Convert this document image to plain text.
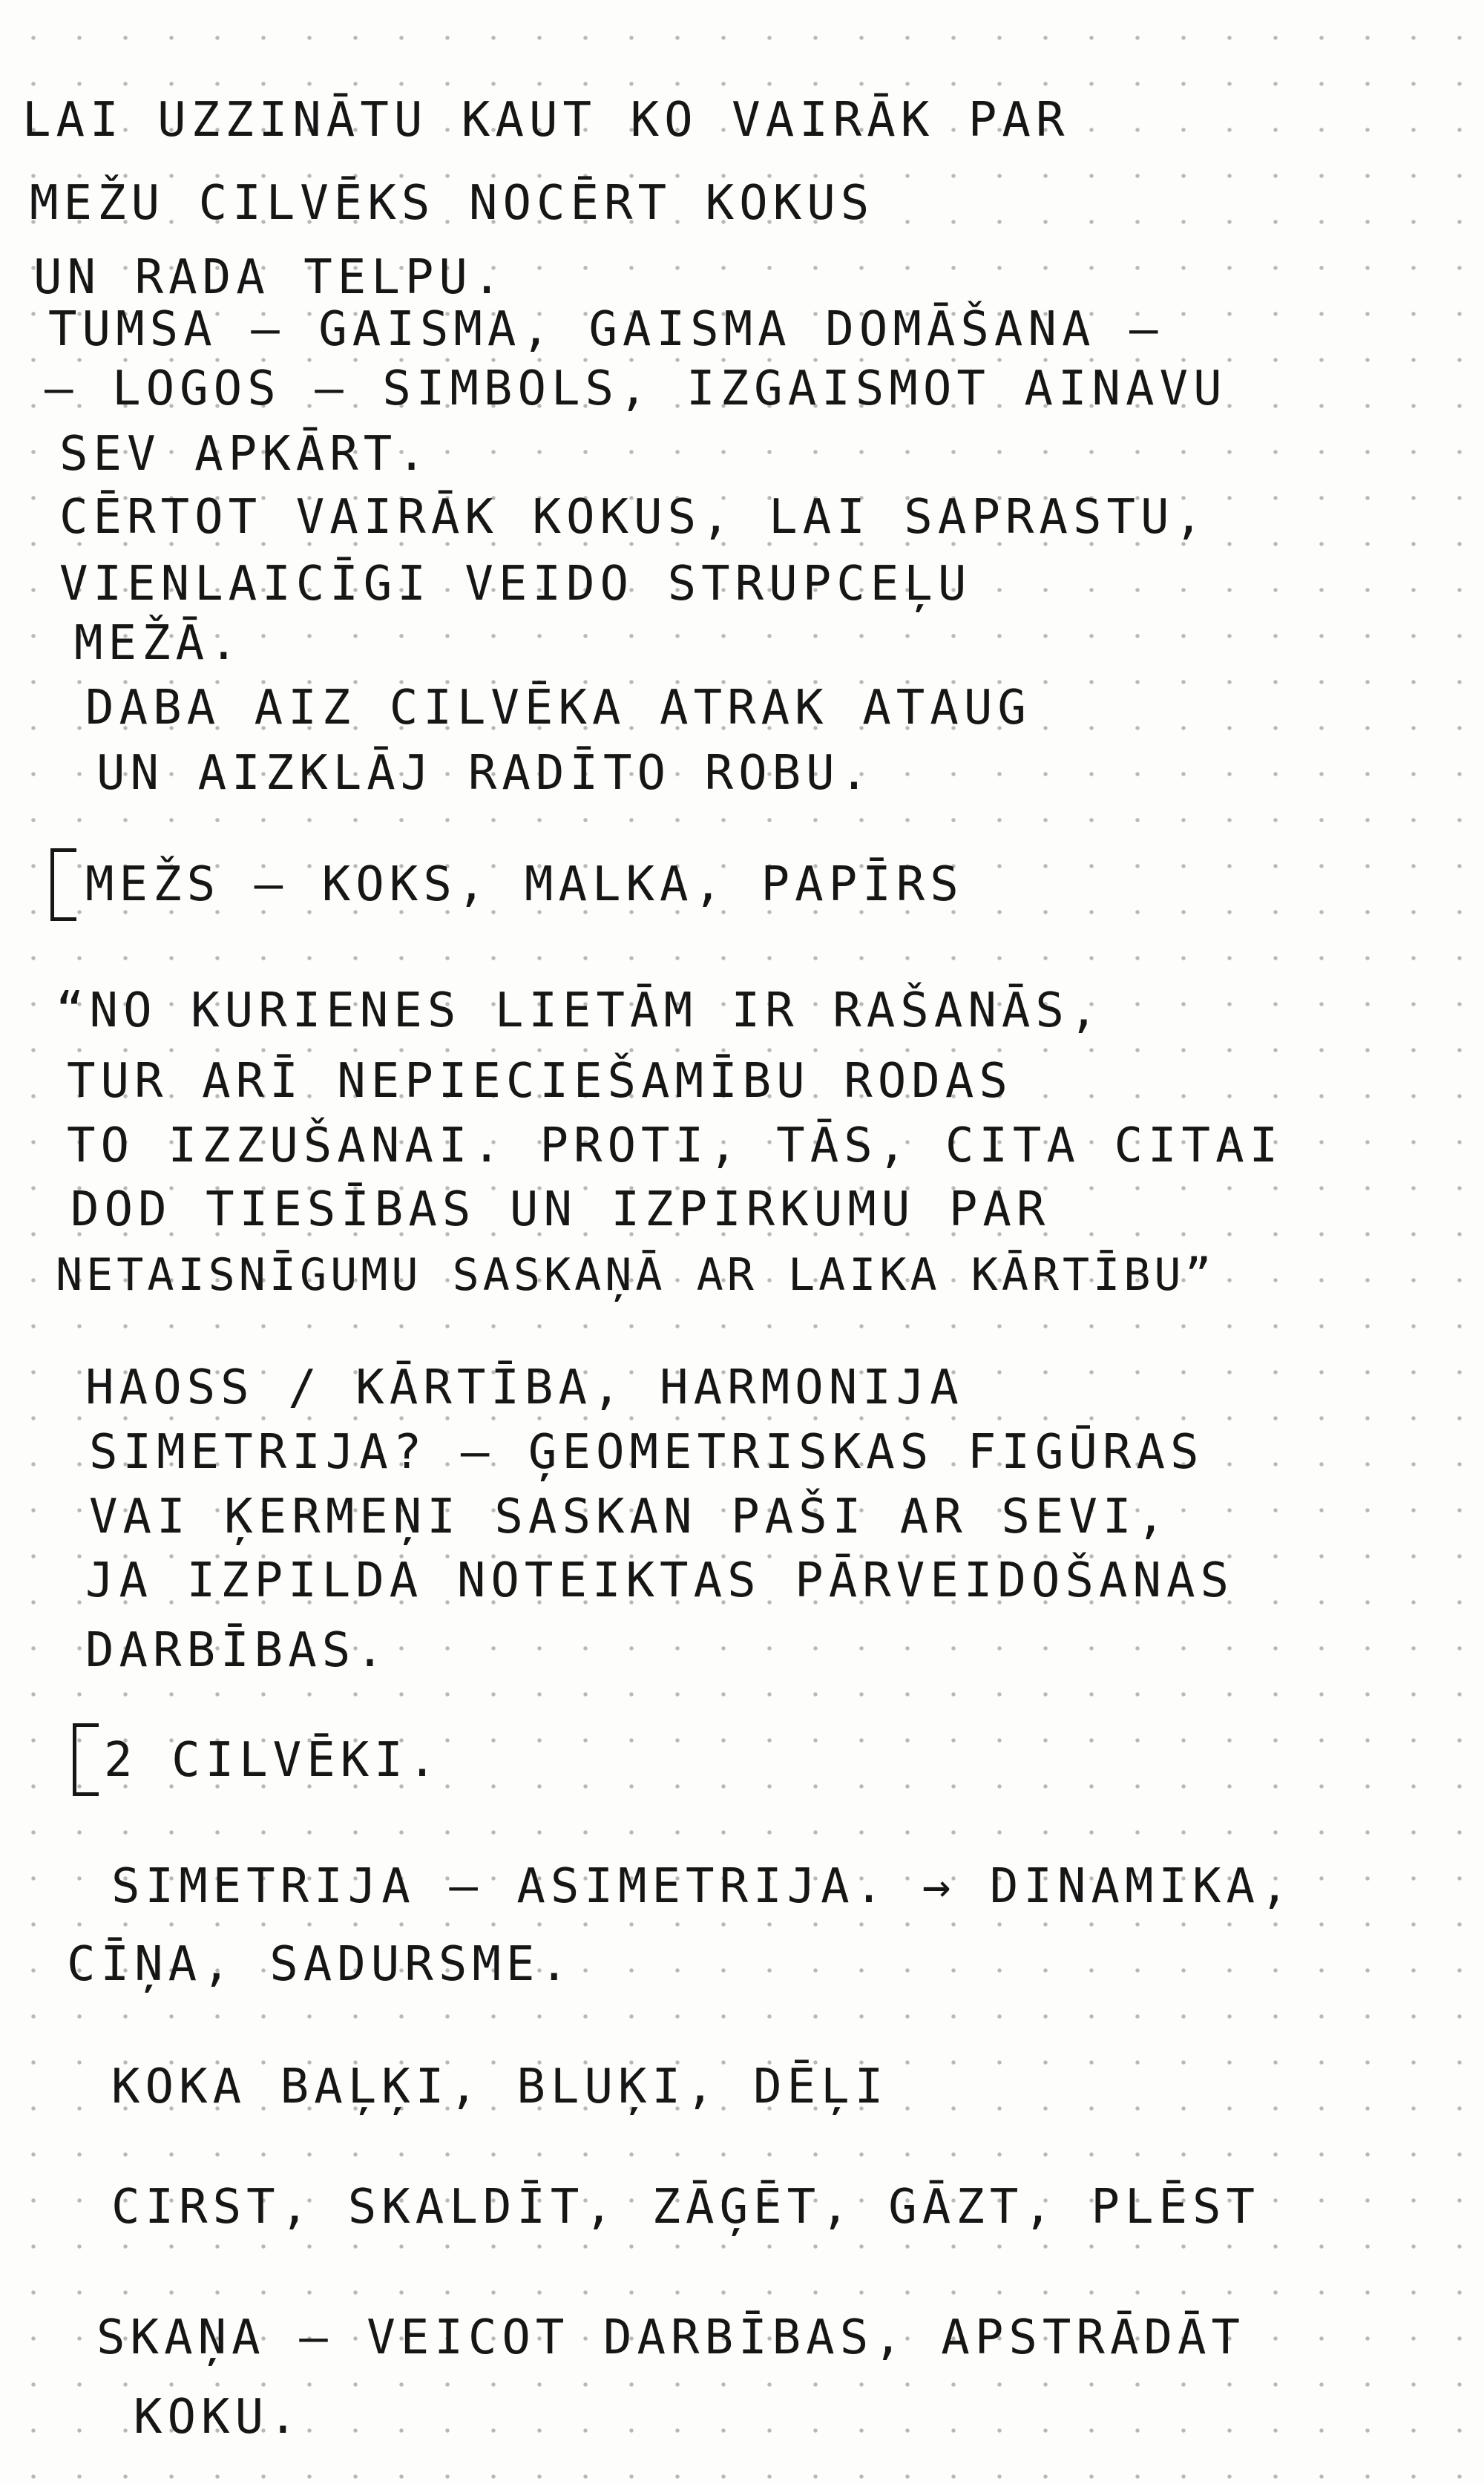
LAI UZZINĀTU KAUT KO VAIRĀK PAR
MEŽU CILVĒKS NOCĒRT KOKUS
UN RADA TELPU.
TUMSA – GAISMA, GAISMA DOMĀŠANA –
– LOGOS – SIMBOLS, IZGAISMOT AINAVU
SEV APKĀRT.
CĒRTOT VAIRĀK KOKUS, LAI SAPRASTU,
VIENLAICĪGI VEIDO STRUPCEĻU
MEŽĀ.
DABA AIZ CILVĒKA ATRAK ATAUG
UN AIZKLĀJ RADĪTO ROBU.
MEŽS – KOKS, MALKA, PAPĪRS
“NO KURIENES LIETĀM IR RAŠANĀS,
TUR ARĪ NEPIECIEŠAMĪBU RODAS
TO IZZUŠANAI. PROTI, TĀS, CITA CITAI
DOD TIESĪBAS UN IZPIRKUMU PAR
NETAISNĪGUMU SASKAŅĀ AR LAIKA KĀRTĪBU”
HAOSS / KĀRTĪBA, HARMONIJA
SIMETRIJA? – ĢEOMETRISKAS FIGŪRAS
VAI ĶERMEŅI SASKAN PAŠI AR SEVI,
JA IZPILDA NOTEIKTAS PĀRVEIDOŠANAS
DARBĪBAS.
2 CILVĒKI.
SIMETRIJA – ASIMETRIJA. → DINAMIKA,
CĪŅA, SADURSME.
KOKA BAĻĶI, BLUĶI, DĒĻI
CIRST, SKALDĪT, ZĀĢĒT, GĀZT, PLĒST
SKAŅA – VEICOT DARBĪBAS, APSTRĀDĀT
KOKU.
